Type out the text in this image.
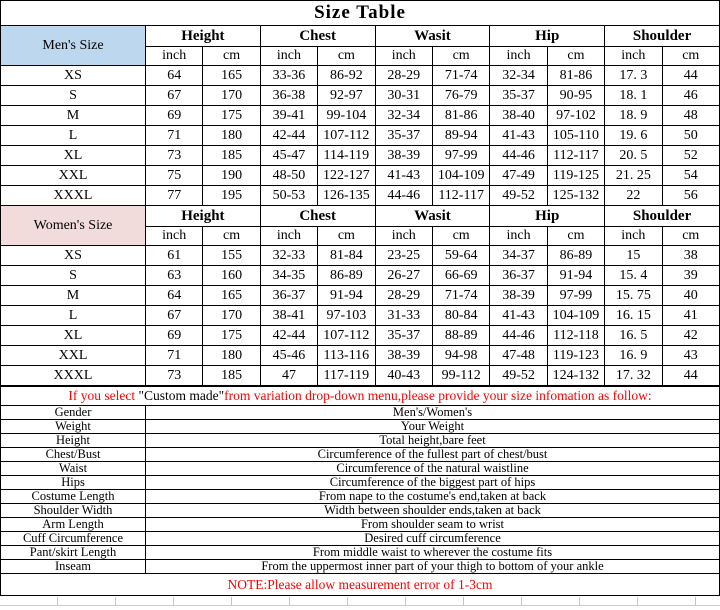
Size Table
Men's Size	Height		Chest		Wasit		Hip		Shoulder	
	inch	cm	inch	cm	inch	cm	inch	cm	inch	cm
XS	64	165	33-36	86-92	28-29	71-74	32-34	81-86	17. 3	44
S	67	170	36-38	92-97	30-31	76-79	35-37	90-95	18. 1	46
M	69	175	39-41	99-104	32-34	81-86	38-40	97-102	18. 9	48
L	71	180	42-44	107-112	35-37	89-94	41-43	105-110	19. 6	50
XL	73	185	45-47	114-119	38-39	97-99	44-46	112-117	20. 5	52
XXL	75	190	48-50	122-127	41-43	104-109	47-49	119-125	21. 25	54
XXXL	77	195	50-53	126-135	44-46	112-117	49-52	125-132	22	56
Women's Size	Height		Chest		Wasit		Hip		Shoulder	
	inch	cm	inch	cm	inch	cm	inch	cm	inch	cm
XS	61	155	32-33	81-84	23-25	59-64	34-37	86-89	15	38
S	63	160	34-35	86-89	26-27	66-69	36-37	91-94	15. 4	39
M	64	165	36-37	91-94	28-29	71-74	38-39	97-99	15. 75	40
L	67	170	38-41	97-103	31-33	80-84	41-43	104-109	16. 15	41
XL	69	175	42-44	107-112	35-37	88-89	44-46	112-118	16. 5	42
XXL	71	180	45-46	113-116	38-39	94-98	47-48	119-123	16. 9	43
XXXL	73	185	47	117-119	40-43	99-112	49-52	124-132	17. 32	44
If you select "Custom made"from variation drop-down menu,please provide your size infomation as follow:	
Gender	Men's/Women's
Weight	Your Weight
Height	Total height,bare feet
Chest/Bust	Circumference of the fullest part of chest/bust
Waist	Circumference of the natural waistline
Hips	Circumference of the biggest part of hips
Costume Length	From nape to the costume's end,taken at back
Shoulder Width	Width between shoulder ends,taken at back
Arm Length	From shoulder seam to wrist
Cuff Circumference	Desired cuff circumference
Pant/skirt Length	From middle waist to wherever the costume fits
Inseam	From the uppermost inner part of your thigh to bottom of your ankle
NOTE:Please allow measurement error of 1-3cm	
